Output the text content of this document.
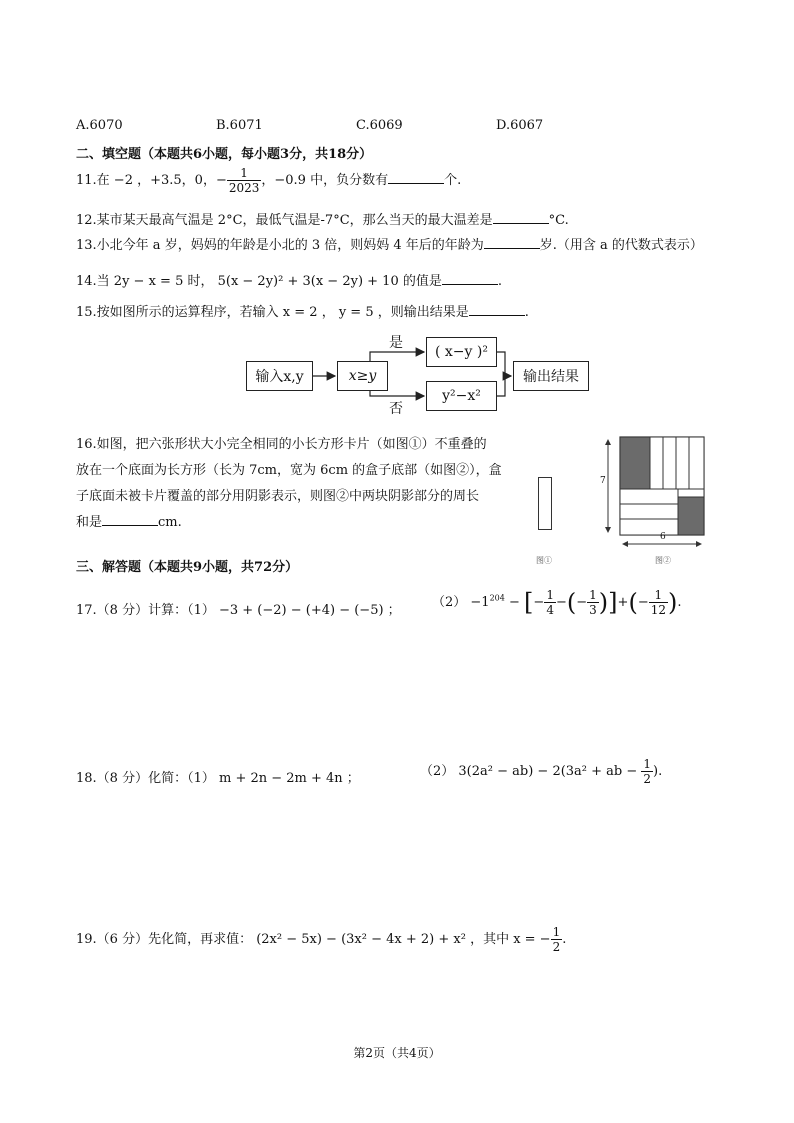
A.6070	B.6071	C.6069	D.6067
二、填空题（本题共6小题，每小题3分，共18分）
11.在 −2 ，+3.5，0，− $\frac{1}{2023}$ ，−0.9 中，负分数有	个.
12.某市某天最高气温是 2°C，最低气温是-7°C，那么当天的最大温差是	°C.
13.小北今年 a 岁，妈妈的年龄是小北的 3 倍，则妈妈 4 年后的年龄为	岁.（用含 a 的代数式表示）
14.当 2y − x = 5 时， 5(x − 2y)² + 3(x − 2y) + 10 的值是	.
15.按如图所示的运算程序，若输入 x = 2 ， y = 5 ，则输出结果是	.
输入x,y	x≥y
( x−y )²
y²−x²
输出结果
是
否
16.如图，把六张形状大小完全相同的小长方形卡片（如图①）不重叠的
放在一个底面为长方形（长为 7cm，宽为 6cm 的盒子底部（如图②），盒
子底面未被卡片覆盖的部分用阴影表示，则图②中两块阴影部分的周长
和是	cm.
图①
7
6
图②
三、解答题（本题共9小题，共72分）
17.（8 分）计算：（1） −3 + (−2) − (+4) − (−5) ；
$(2) -1^{204}$ − [− $\frac{1}{4}$ −(− $\frac{1}{3}$ )]+(− $\frac{1}{12}$ ).
18.（8 分）化简：（1） m + 2n − 2m + 4n ；	（2） 3(2a² − ab) − 2(3a² + ab − $\frac{1}{2}$ ).
19.（6 分）先化简，再求值： (2x² − 5x) − (3x² − 4x + 2) + x² ，其中 x = − $\frac{1}{2}$ .
第2页（共4页）
